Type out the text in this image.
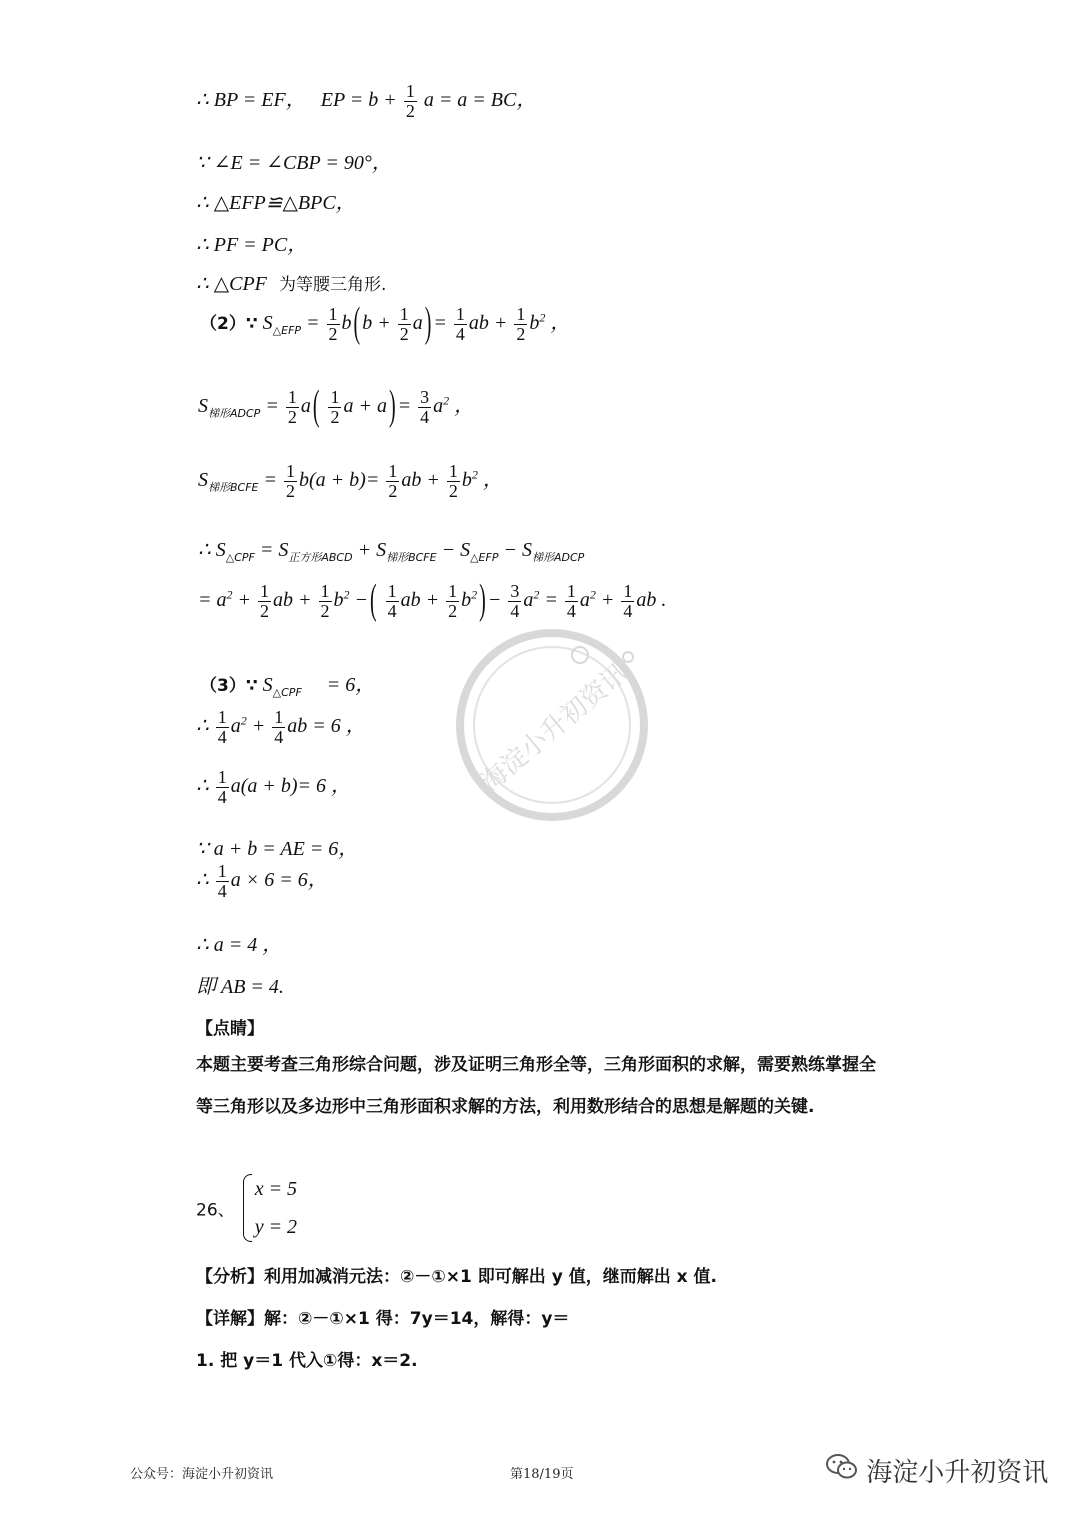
∴ BP = EF， EP = $b + \frac{1}{2}$ a = a = BC，
∵ ∠E = ∠CBP = 90°，
∴ △EFP≌△BPC，
∴ PF = PC，
∴ △CPF 为等腰三角形.
（2）∵ $S_{\triangle EFP} = \frac{1}{2}$ b ( $b + \frac{1}{2}$ a ) = $\frac{1}{4}$ ab + $\frac{1}{2} b^2$ ，
$S_{梯形ADCP} = \frac{1}{2}$ a ( $\frac{1}{2}$ a + a ) = $\frac{3}{4} a^2$ ，
$S_{梯形BCFE} = \frac{1}{2} b(a + b)= \frac{1}{2}$ ab + $\frac{1}{2} b^2$ ，
∴ $S_{\triangle CPF} = S_{正方形ABCD} + S_{梯形BCFE} - S_{\triangle EFP} - S_{梯形ADCP}$
= $a^2 + \frac{1}{2}$ ab + $\frac{1}{2} b^2$ − ( $\frac{1}{4}$ ab + $\frac{1}{2} b^2$ ) − $\frac{3}{4} a^2 = \frac{1}{4} a^2 + \frac{1}{4}$ ab .
（3）∵ $S_{\triangle CPF} = 6$，
∴ $\frac{1}{4} a^2 + \frac{1}{4}$ ab = 6 ，
∴ $\frac{1}{4} a(a + b)= 6$ ，
∵ a + b = AE = 6，
∴ $\frac{1}{4}$ a × 6 = 6，
∴ a = 4 ，
即 AB = 4.
【点睛】
本题主要考查三角形综合问题，涉及证明三角形全等，三角形面积的求解，需要熟练掌握全等三角形以及多边形中三角形面积求解的方法，利用数形结合的思想是解题的关键.
26、
x = 5
y = 2
【分析】利用加减消元法：②－①×1 即可解出 y 值，继而解出 x 值.
【详解】解：②－①×1 得：7y＝14，解得：y＝
1. 把 y＝1 代入①得：x＝2.
海淀小升初资讯
公众号：海淀小升初资讯	第18/19页	海淀小升初资讯
